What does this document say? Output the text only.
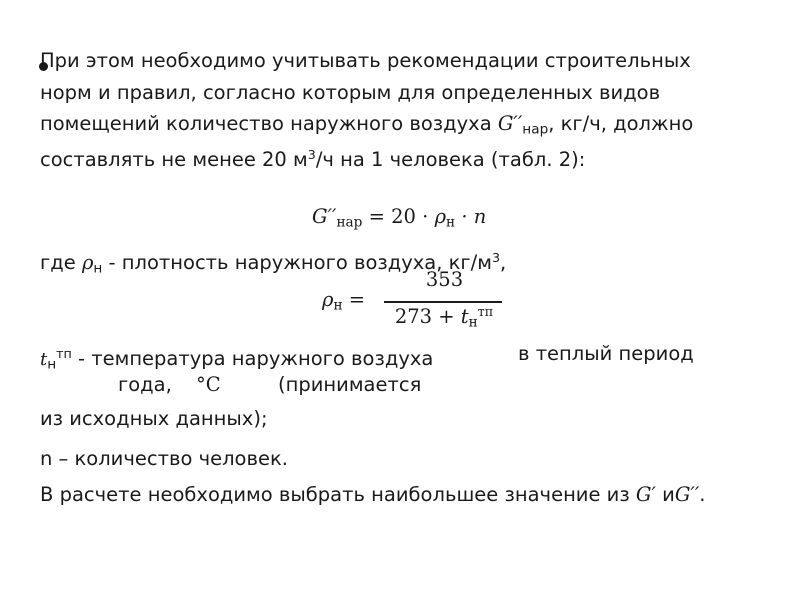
При этом необходимо учитывать рекомендации строительных
норм и правил, согласно которым для определенных видов
помещений количество наружного воздуха $G''_{нар}$, кг/ч, должно
составлять не менее 20 $м^3/ч$ на 1 человека (табл. 2):
$G''_{нар} = 20 \cdot \rho_н \cdot n$
где $\rho_н$ - плотность наружного воздуха, $кг/м^3$,
$\rho_н$ =
353
$273 + t_н^{тп}$
$t_н^{тп}$ - температура наружного воздуха	в теплый период
года, °C	(принимается
из исходных данных);
n – количество человек.
В расчете необходимо выбрать наибольшее значение из G′ иG′′.
